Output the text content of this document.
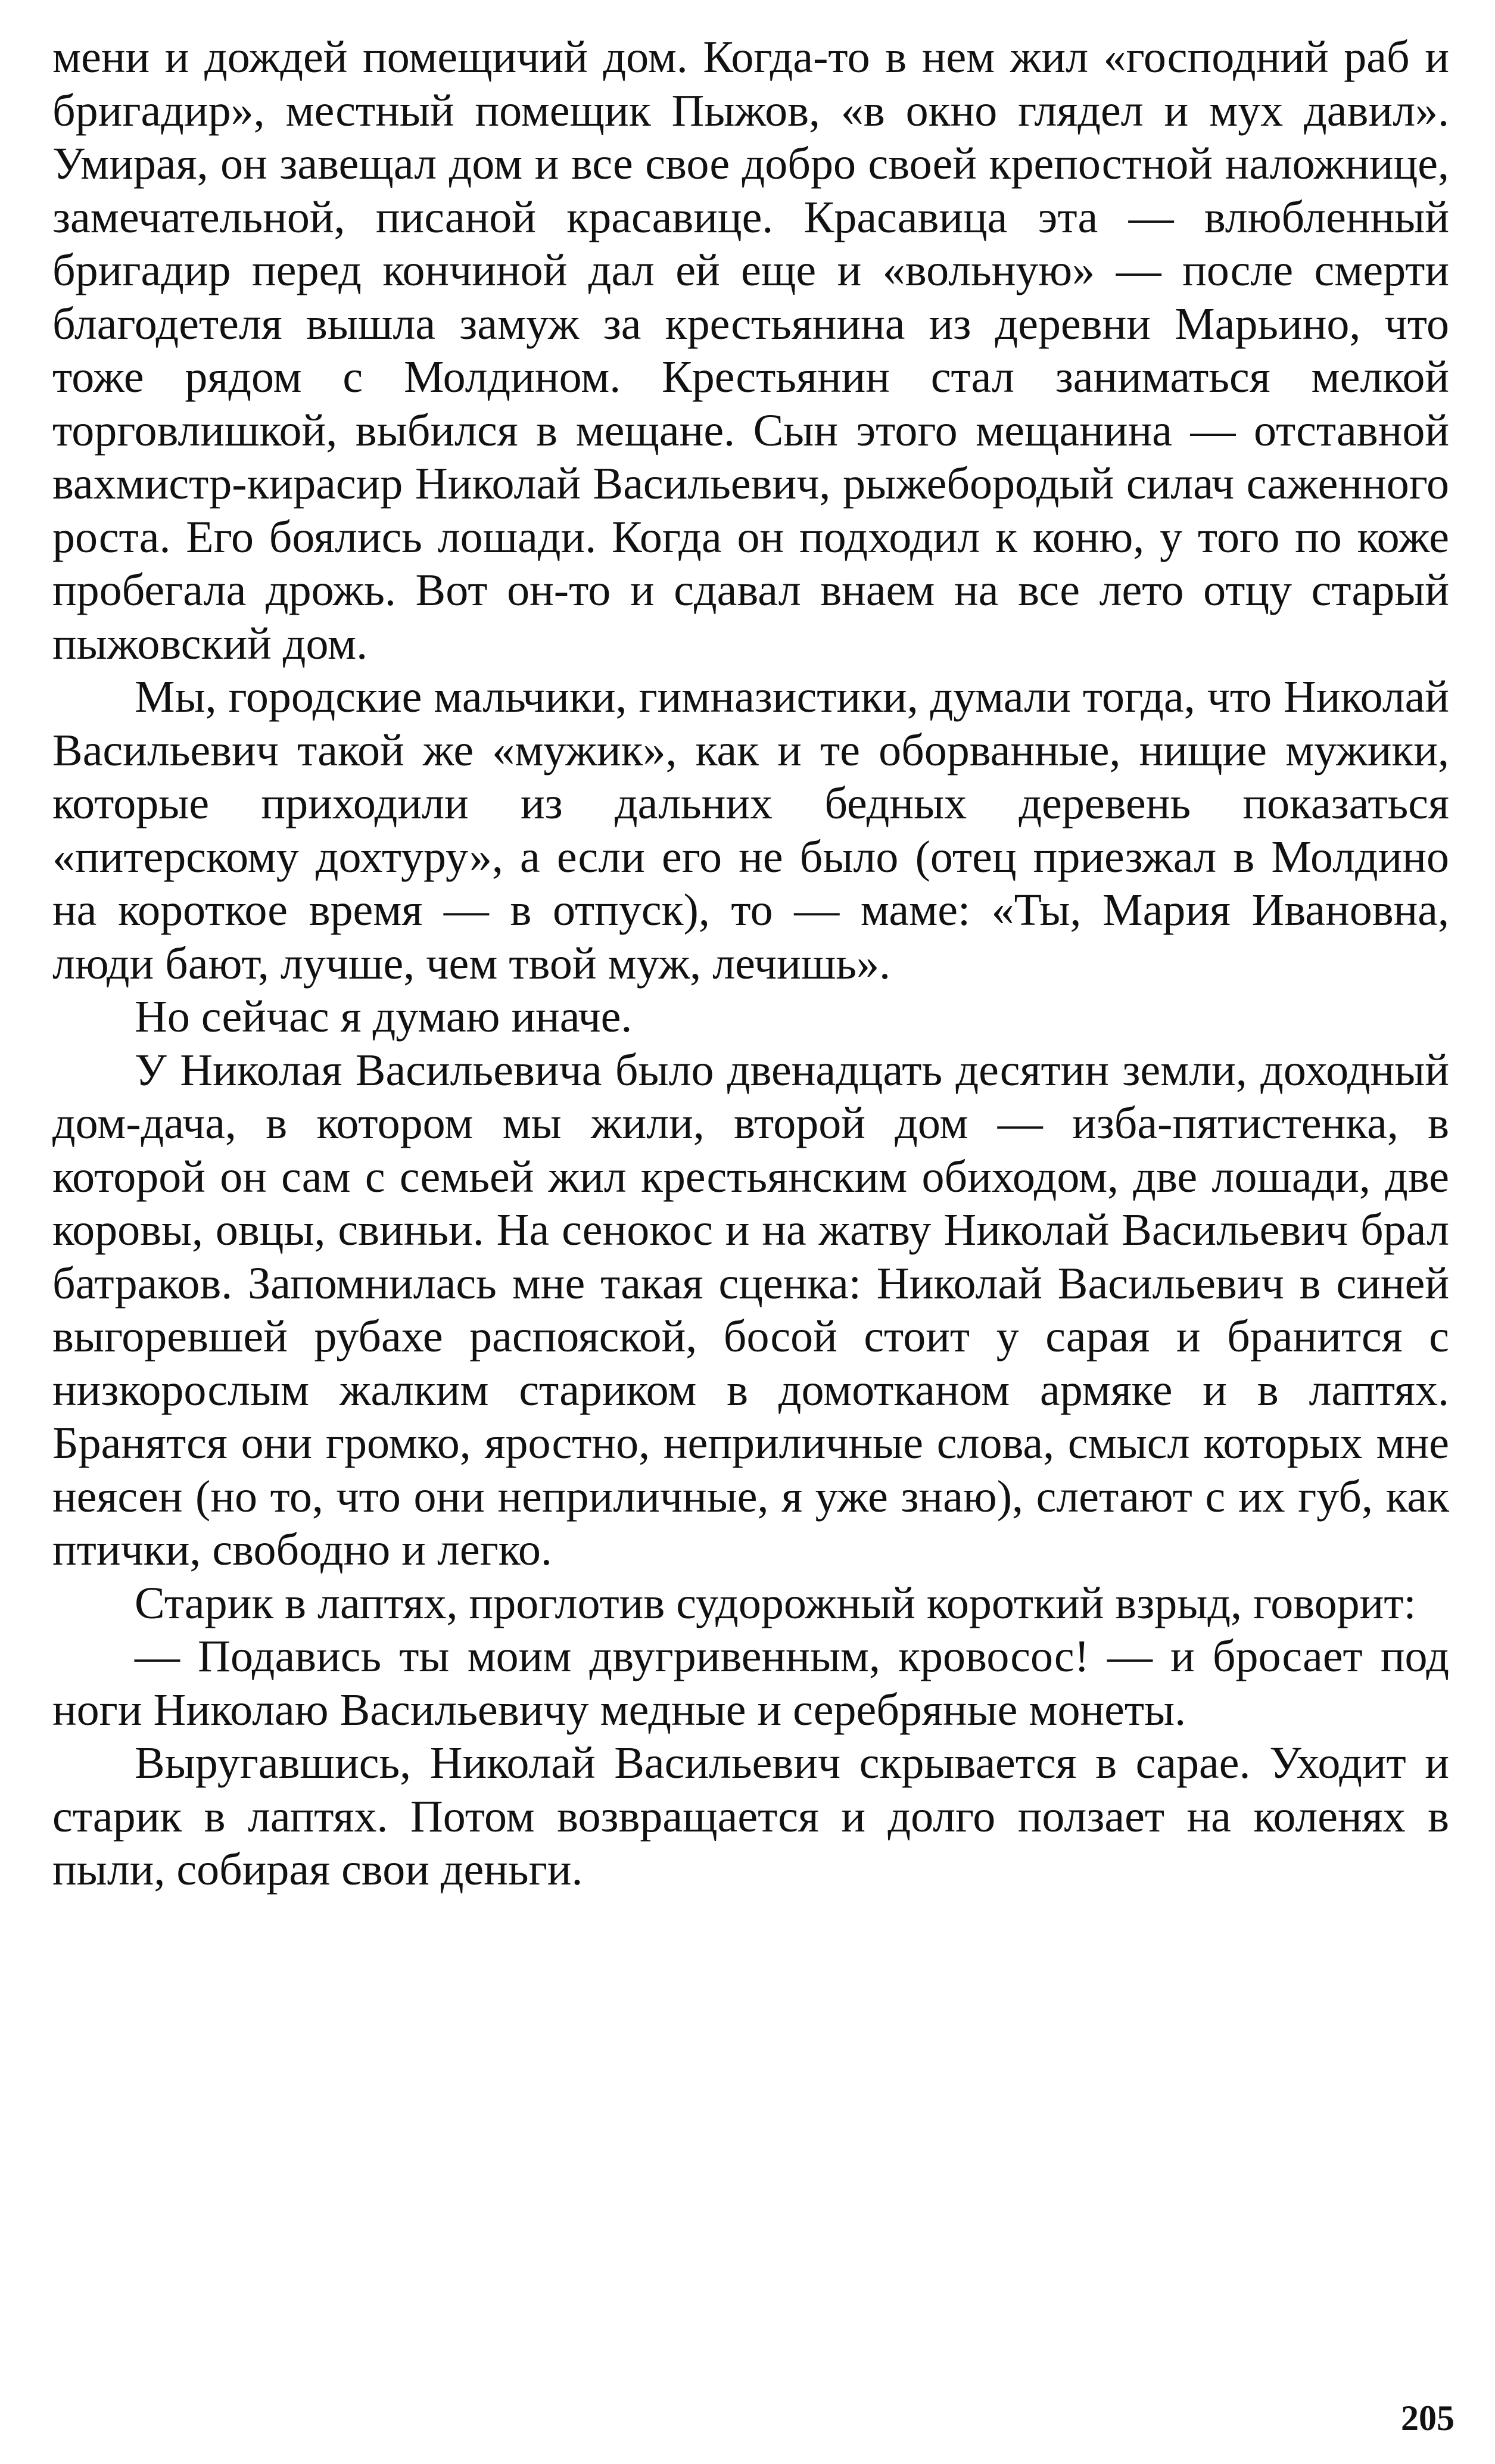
мени и дождей помещичий дом. Когда-то в нем жил «господний раб и бригадир», местный помещик Пыжов, «в окно глядел и мух давил». Умирая, он завещал дом и все свое добро своей крепостной наложнице, замечательной, писаной красавице. Красавица эта — влюбленный бригадир перед кончиной дал ей еще и «вольную» — после смерти благодетеля вышла замуж за крестьянина из деревни Марьино, что тоже рядом с Молдином. Крестьянин стал заниматься мелкой торговлишкой, выбился в мещане. Сын этого мещанина — отставной вахмистр-кирасир Николай Васильевич, рыжебородый силач саженного роста. Его боялись лошади. Когда он подходил к коню, у того по коже пробегала дрожь. Вот он-то и сдавал внаем на все лето отцу старый пыжовский дом.

Мы, городские мальчики, гимназистики, думали тогда, что Николай Васильевич такой же «мужик», как и те оборванные, нищие мужики, которые приходили из дальних бедных деревень показаться «питерскому дохтуру», а если его не было (отец приезжал в Молдино на короткое время — в отпуск), то — маме: «Ты, Мария Ивановна, люди бают, лучше, чем твой муж, лечишь».

Но сейчас я думаю иначе.

У Николая Васильевича было двенадцать десятин земли, доходный дом-дача, в котором мы жили, второй дом — изба-пятистенка, в которой он сам с семьей жил крестьянским обиходом, две лошади, две коровы, овцы, свиньи. На сенокос и на жатву Николай Васильевич брал батраков. Запомнилась мне такая сценка: Николай Васильевич в синей выгоревшей рубахе распояской, босой стоит у сарая и бранится с низкорослым жалким стариком в домотканом армяке и в лаптях. Бранятся они громко, яростно, неприличные слова, смысл которых мне неясен (но то, что они неприличные, я уже знаю), слетают с их губ, как птички, свободно и легко.

Старик в лаптях, проглотив судорожный короткий взрыд, говорит:

— Подавись ты моим двугривенным, кровосос! — и бросает под ноги Николаю Васильевичу медные и серебряные монеты.

Выругавшись, Николай Васильевич скрывается в сарае. Уходит и старик в лаптях. Потом возвращается и долго ползает на коленях в пыли, собирая свои деньги.

205
